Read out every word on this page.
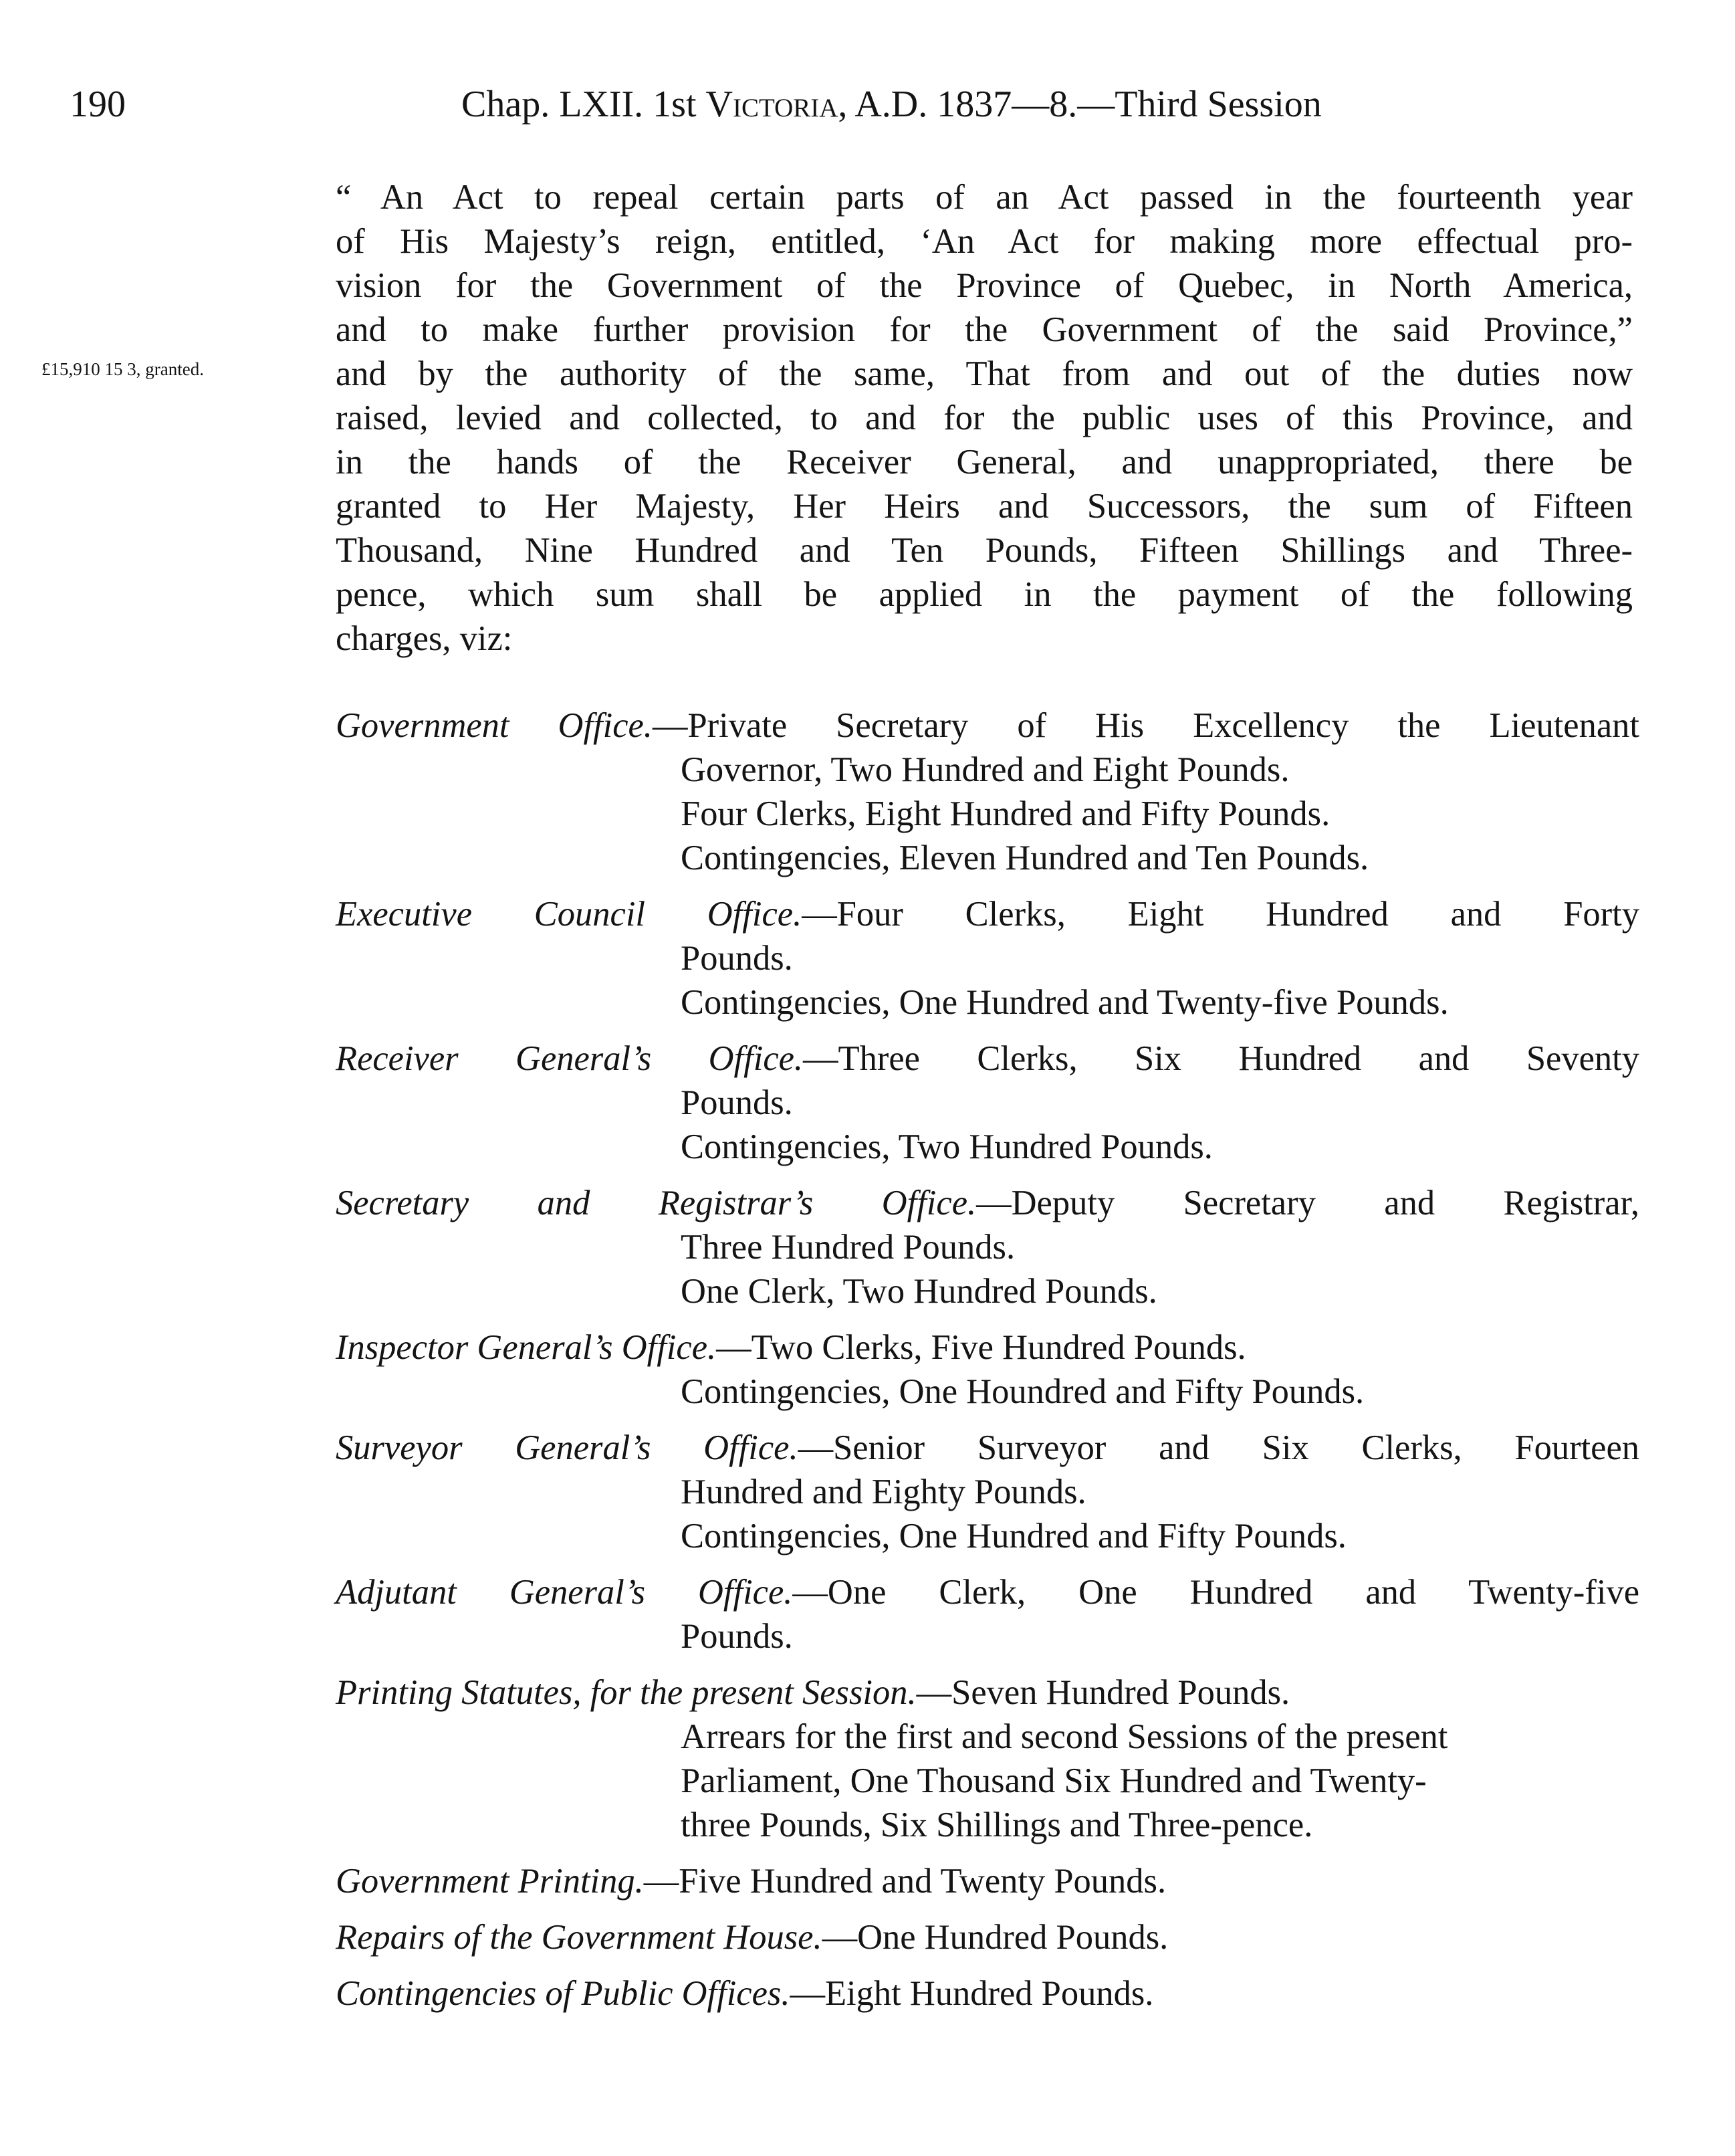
190	Chap. LXII. 1st Victoria, A.D. 1837—8.—Third Session
£15,910 15 3, granted.
“ An Act to repeal certain parts of an Act passed in the fourteenth year
of His Majesty’s reign, entitled, ‘An Act for making more effectual pro-
vision for the Government of the Province of Quebec, in North America,
and to make further provision for the Government of the said Province,”
and by the authority of the same, That from and out of the duties now
raised, levied and collected, to and for the public uses of this Province, and
in the hands of the Receiver General, and unappropriated, there be
granted to Her Majesty, Her Heirs and Successors, the sum of Fifteen
Thousand, Nine Hundred and Ten Pounds, Fifteen Shillings and Three-
pence, which sum shall be applied in the payment of the following
charges, viz:
Government Office.—Private Secretary of His Excellency the Lieutenant
Governor, Two Hundred and Eight Pounds.
Four Clerks, Eight Hundred and Fifty Pounds.
Contingencies, Eleven Hundred and Ten Pounds.
Executive Council Office.—Four Clerks, Eight Hundred and Forty
Pounds.
Contingencies, One Hundred and Twenty-five Pounds.
Receiver General’s Office.—Three Clerks, Six Hundred and Seventy
Pounds.
Contingencies, Two Hundred Pounds.
Secretary and Registrar’s Office.—Deputy Secretary and Registrar,
Three Hundred Pounds.
One Clerk, Two Hundred Pounds.
Inspector General’s Office.—Two Clerks, Five Hundred Pounds.
Contingencies, One Houndred and Fifty Pounds.
Surveyor General’s Office.—Senior Surveyor and Six Clerks, Fourteen
Hundred and Eighty Pounds.
Contingencies, One Hundred and Fifty Pounds.
Adjutant General’s Office.—One Clerk, One Hundred and Twenty-five
Pounds.
Printing Statutes, for the present Session.—Seven Hundred Pounds.
Arrears for the first and second Sessions of the present
Parliament, One Thousand Six Hundred and Twenty-
three Pounds, Six Shillings and Three-pence.
Government Printing.—Five Hundred and Twenty Pounds.
Repairs of the Government House.—One Hundred Pounds.
Contingencies of Public Offices.—Eight Hundred Pounds.
